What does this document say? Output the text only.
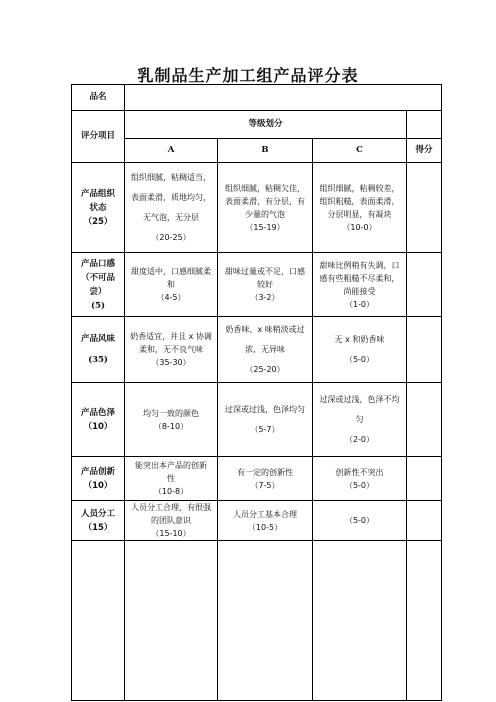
乳制品生产加工组产品评分表
品名				
评分项目	等级划分			
	A	B	C	得分

产品组织
状态
（25）	组织细腻，粘稠适当，
表面柔滑，质地均匀，
无气泡，无分层
（20-25）	组织细腻，粘稠欠佳，
表面柔滑，有分层，有
少量的气泡
（15-19）	组织细腻，粘稠较差，
组织粗糙，表面柔滑，
分层明显，有凝块
（10-0）	

产品口感
（不可品
尝）
(5)	甜度适中，口感细腻柔
和
（4-5）	甜味过量或不足，口感
较好
（3-2）	甜味比例稍有失调，口
感有些粗糙不尽柔和，
尚能接受
（1-0）	

产品风味
(35)	奶香适宜，并且 x 协调
柔和，无不良气味
（35-30）	奶香味、x 味稍淡或过
浓，无异味
（25-20）	无 x 和奶香味
（5-0）	

产品色泽
（10）	均匀一致的颜色
（8-10）	过深或过浅，色泽均匀
（5-7）	过深或过浅，色泽不均
匀
（2-0）	

产品创新
（10）	能突出本产品的创新
性
（10-8）	有一定的创新性
（7-5）	创新性不突出
（5-0）	

人员分工
（15）	人员分工合理，有很强
的团队意识
（15-10）	人员分工基本合理
（10-5）	（5-0）	
